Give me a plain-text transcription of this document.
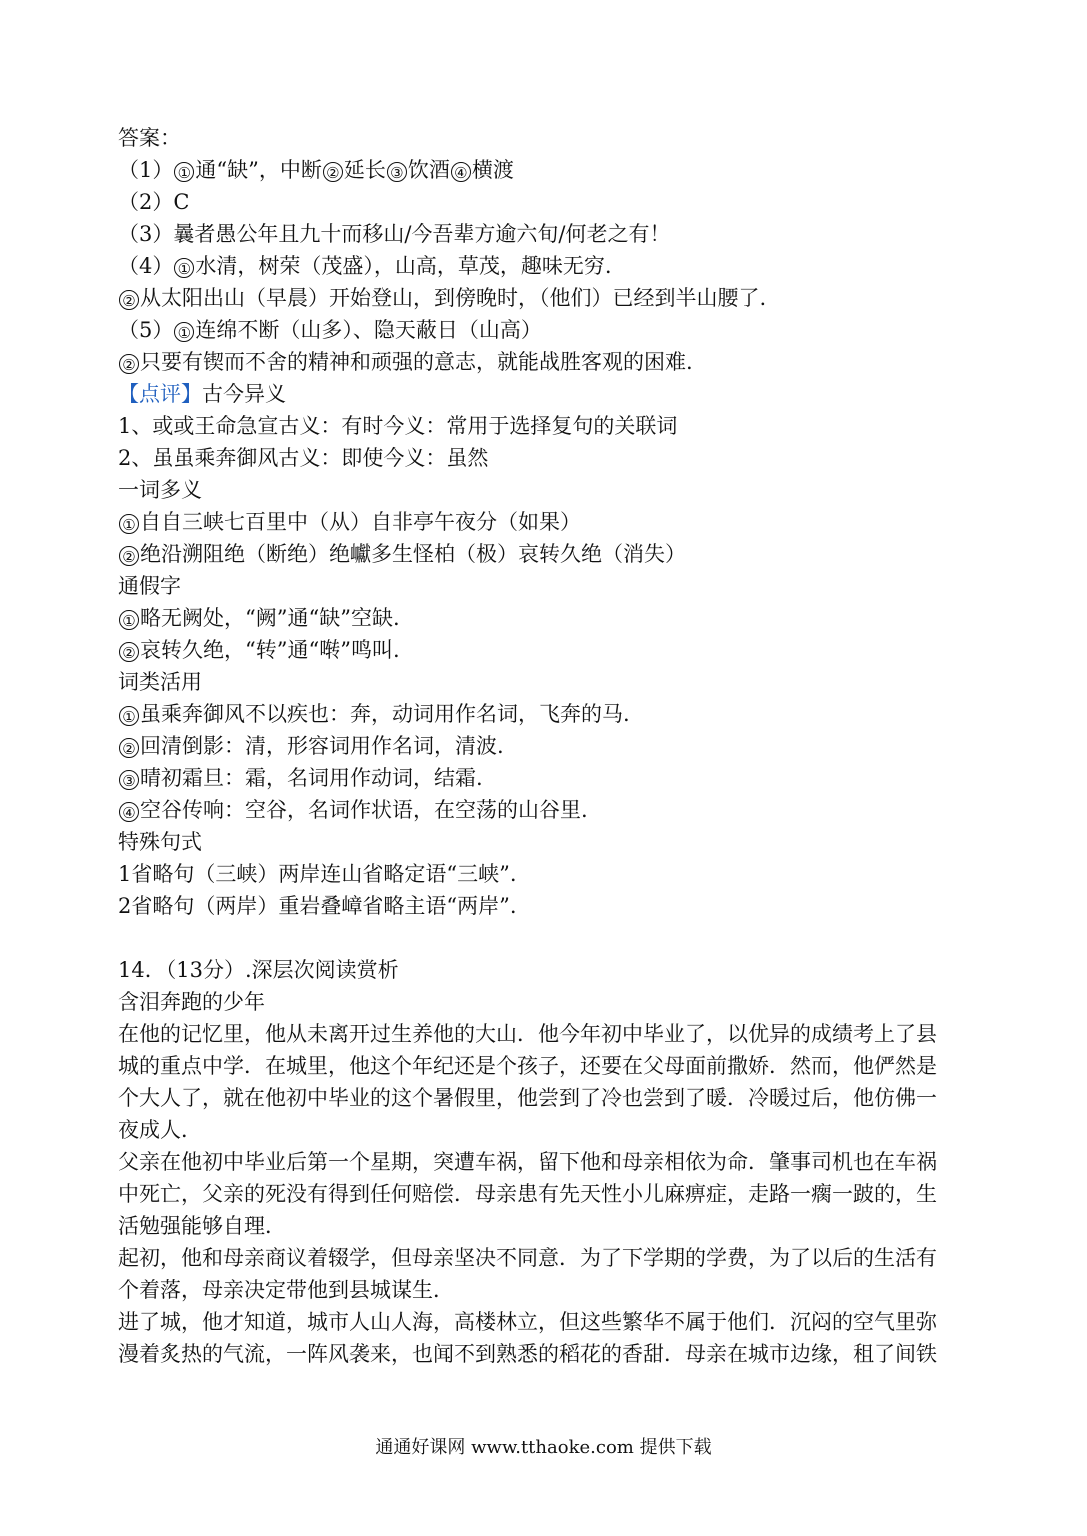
答案：
（1） ① 通“缺”，中断 ② 延长 ③ 饮酒 ④ 横渡
（2）C
（3）曩者愚公年且九十而移山/今吾辈方逾六旬/何老之有！
（4） ① 水清，树荣（茂盛），山高，草茂，趣味无穷.
② 从太阳出山（早晨）开始登山，到傍晚时，（他们）已经到半山腰了.
（5） ① 连绵不断（山多）、隐天蔽日（山高）
② 只要有锲而不舍的精神和顽强的意志，就能战胜客观的困难.
【点评】古今异义
1、或或王命急宣古义：有时今义：常用于选择复句的关联词
2、虽虽乘奔御风古义：即使今义：虽然
一词多义
① 自自三峡七百里中（从）自非亭午夜分（如果）
② 绝沿溯阻绝（断绝）绝巘多生怪柏（极）哀转久绝（消失）
通假字
① 略无阙处，“阙”通“缺”空缺.
② 哀转久绝，“转”通“啭”鸣叫.
词类活用
① 虽乘奔御风不以疾也：奔，动词用作名词，飞奔的马.
② 回清倒影：清，形容词用作名词，清波.
③ 晴初霜旦：霜，名词用作动词，结霜.
④ 空谷传响：空谷，名词作状语，在空荡的山谷里.
特殊句式
1省略句（三峡）两岸连山省略定语“三峡”.
2省略句（两岸）重岩叠嶂省略主语“两岸”.
14．（13分）.深层次阅读赏析
含泪奔跑的少年
在他的记忆里，他从未离开过生养他的大山．他今年初中毕业了，以优异的成绩考上了县
城的重点中学．在城里，他这个年纪还是个孩子，还要在父母面前撒娇．然而，他俨然是
个大人了，就在他初中毕业的这个暑假里，他尝到了冷也尝到了暖．冷暖过后，他仿佛一
夜成人．
父亲在他初中毕业后第一个星期，突遭车祸，留下他和母亲相依为命．肇事司机也在车祸
中死亡，父亲的死没有得到任何赔偿．母亲患有先天性小儿麻痹症，走路一瘸一跛的，生
活勉强能够自理．
起初，他和母亲商议着辍学，但母亲坚决不同意．为了下学期的学费，为了以后的生活有
个着落，母亲决定带他到县城谋生．
进了城，他才知道，城市人山人海，高楼林立，但这些繁华不属于他们．沉闷的空气里弥
漫着炙热的气流，一阵风袭来，也闻不到熟悉的稻花的香甜．母亲在城市边缘，租了间铁
通通好课网 www.tthaoke.com 提供下载
